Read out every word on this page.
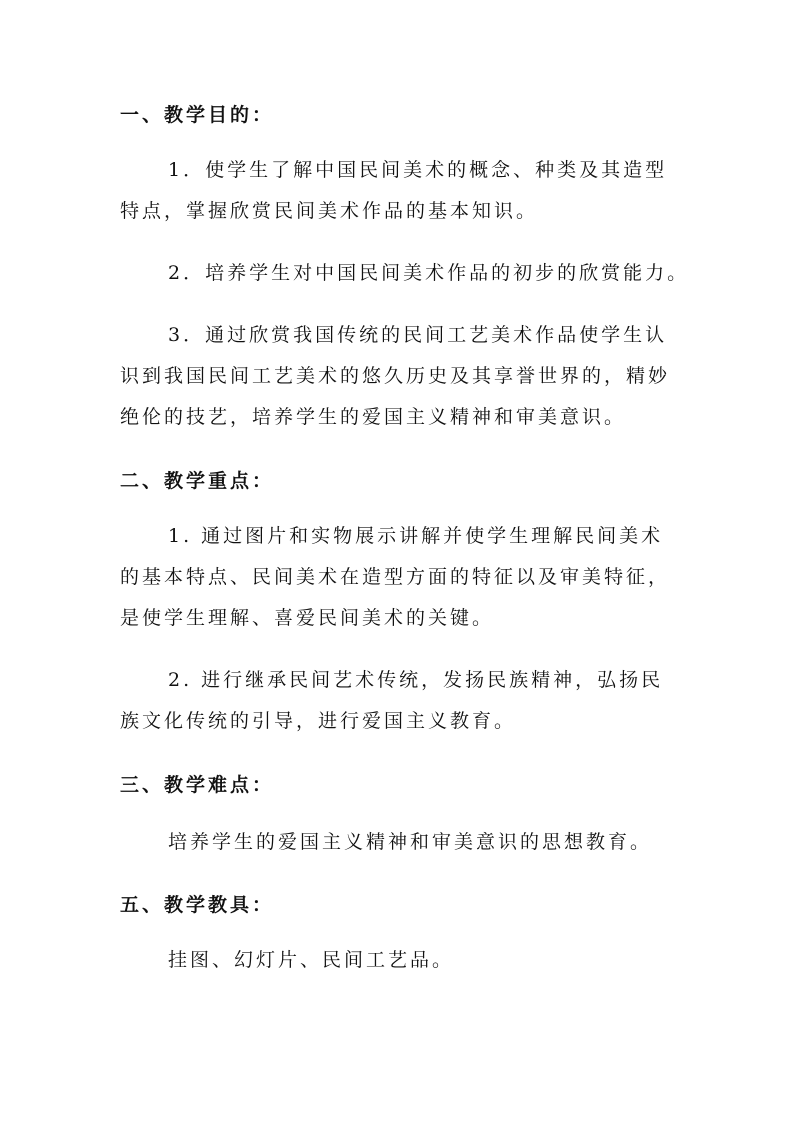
一、教学目的：

1．使学生了解中国民间美术的概念、种类及其造型特点，掌握欣赏民间美术作品的基本知识。

2．培养学生对中国民间美术作品的初步的欣赏能力。

3．通过欣赏我国传统的民间工艺美术作品使学生认识到我国民间工艺美术的悠久历史及其享誉世界的，精妙绝伦的技艺，培养学生的爱国主义精神和审美意识。

二、教学重点：

1. 通过图片和实物展示讲解并使学生理解民间美术的基本特点、民间美术在造型方面的特征以及审美特征，是使学生理解、喜爱民间美术的关键。

2. 进行继承民间艺术传统，发扬民族精神，弘扬民族文化传统的引导，进行爱国主义教育。

三、教学难点：

培养学生的爱国主义精神和审美意识的思想教育。

五、教学教具：

挂图、幻灯片、民间工艺品。
